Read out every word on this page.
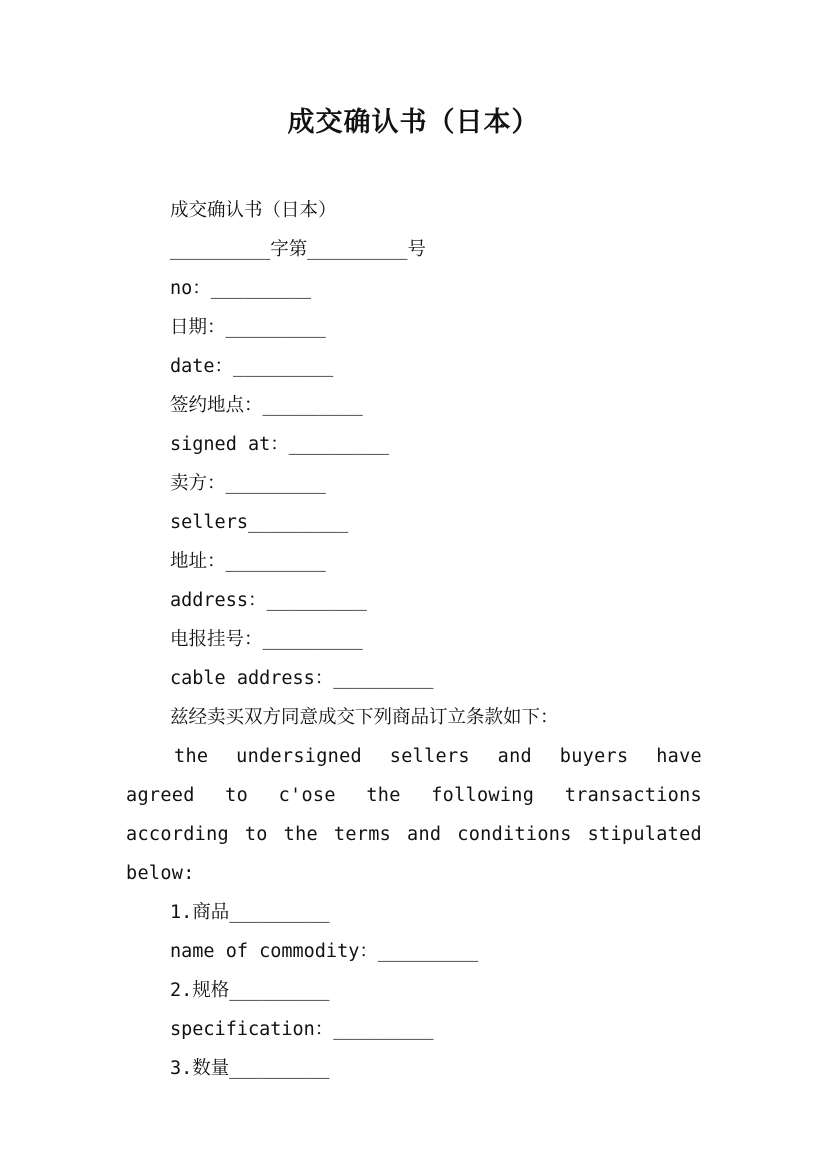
成交确认书（日本）
成交确认书（日本）
_________字第_________号
no：_________
日期：_________
date：_________
签约地点：_________
signed at：_________
卖方：_________
sellers_________
地址：_________
address：_________
电报挂号：_________
cable address：_________
兹经卖买双方同意成交下列商品订立条款如下：
the undersigned sellers and buyers have agreed to c'ose the following transactions according to the terms and conditions stipulated below:
1.商品_________
name of commodity：_________
2.规格_________
specification：_________
3.数量_________
